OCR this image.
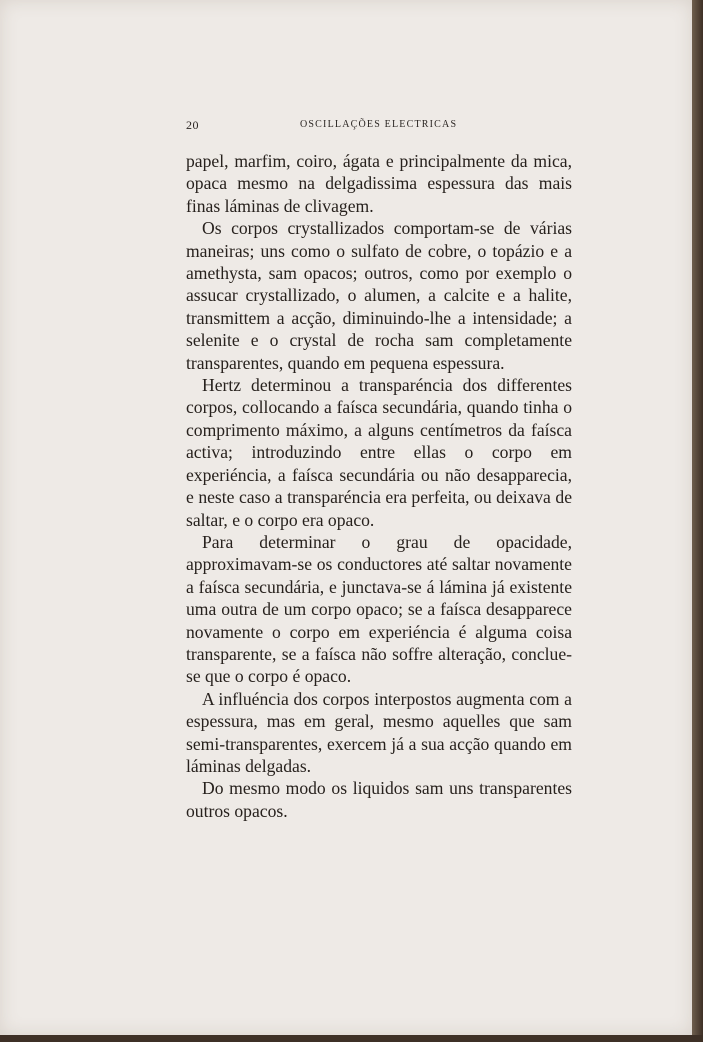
20	OSCILLAÇÕES ELECTRICAS

papel, marfim, coiro, ágata e principalmente da mica, opaca mesmo na delgadissima espessura das mais finas láminas de clivagem.

Os corpos crystallizados comportam-se de várias maneiras; uns como o sulfato de cobre, o topázio e a amethysta, sam opacos; outros, como por exemplo o assucar crystallizado, o alumen, a calcite e a halite, transmittem a acção, diminuindo-lhe a intensidade; a selenite e o crystal de rocha sam completamente transparentes, quando em pequena espessura.

Hertz determinou a transparéncia dos differentes corpos, collocando a faísca secundária, quando tinha o comprimento máximo, a alguns centímetros da faísca activa; introduzindo entre ellas o corpo em experiéncia, a faísca secundária ou não desapparecia, e neste caso a transparéncia era perfeita, ou deixava de saltar, e o corpo era opaco.

Para determinar o grau de opacidade, approximavam-se os conductores até saltar novamente a faísca secundária, e junctava-se á lámina já existente uma outra de um corpo opaco; se a faísca desapparece novamente o corpo em experiéncia é alguma coisa transparente, se a faísca não soffre alteração, conclue-se que o corpo é opaco.

A influéncia dos corpos interpostos augmenta com a espessura, mas em geral, mesmo aquelles que sam semi-transparentes, exercem já a sua acção quando em láminas delgadas.

Do mesmo modo os liquidos sam uns transparentes outros opacos.
